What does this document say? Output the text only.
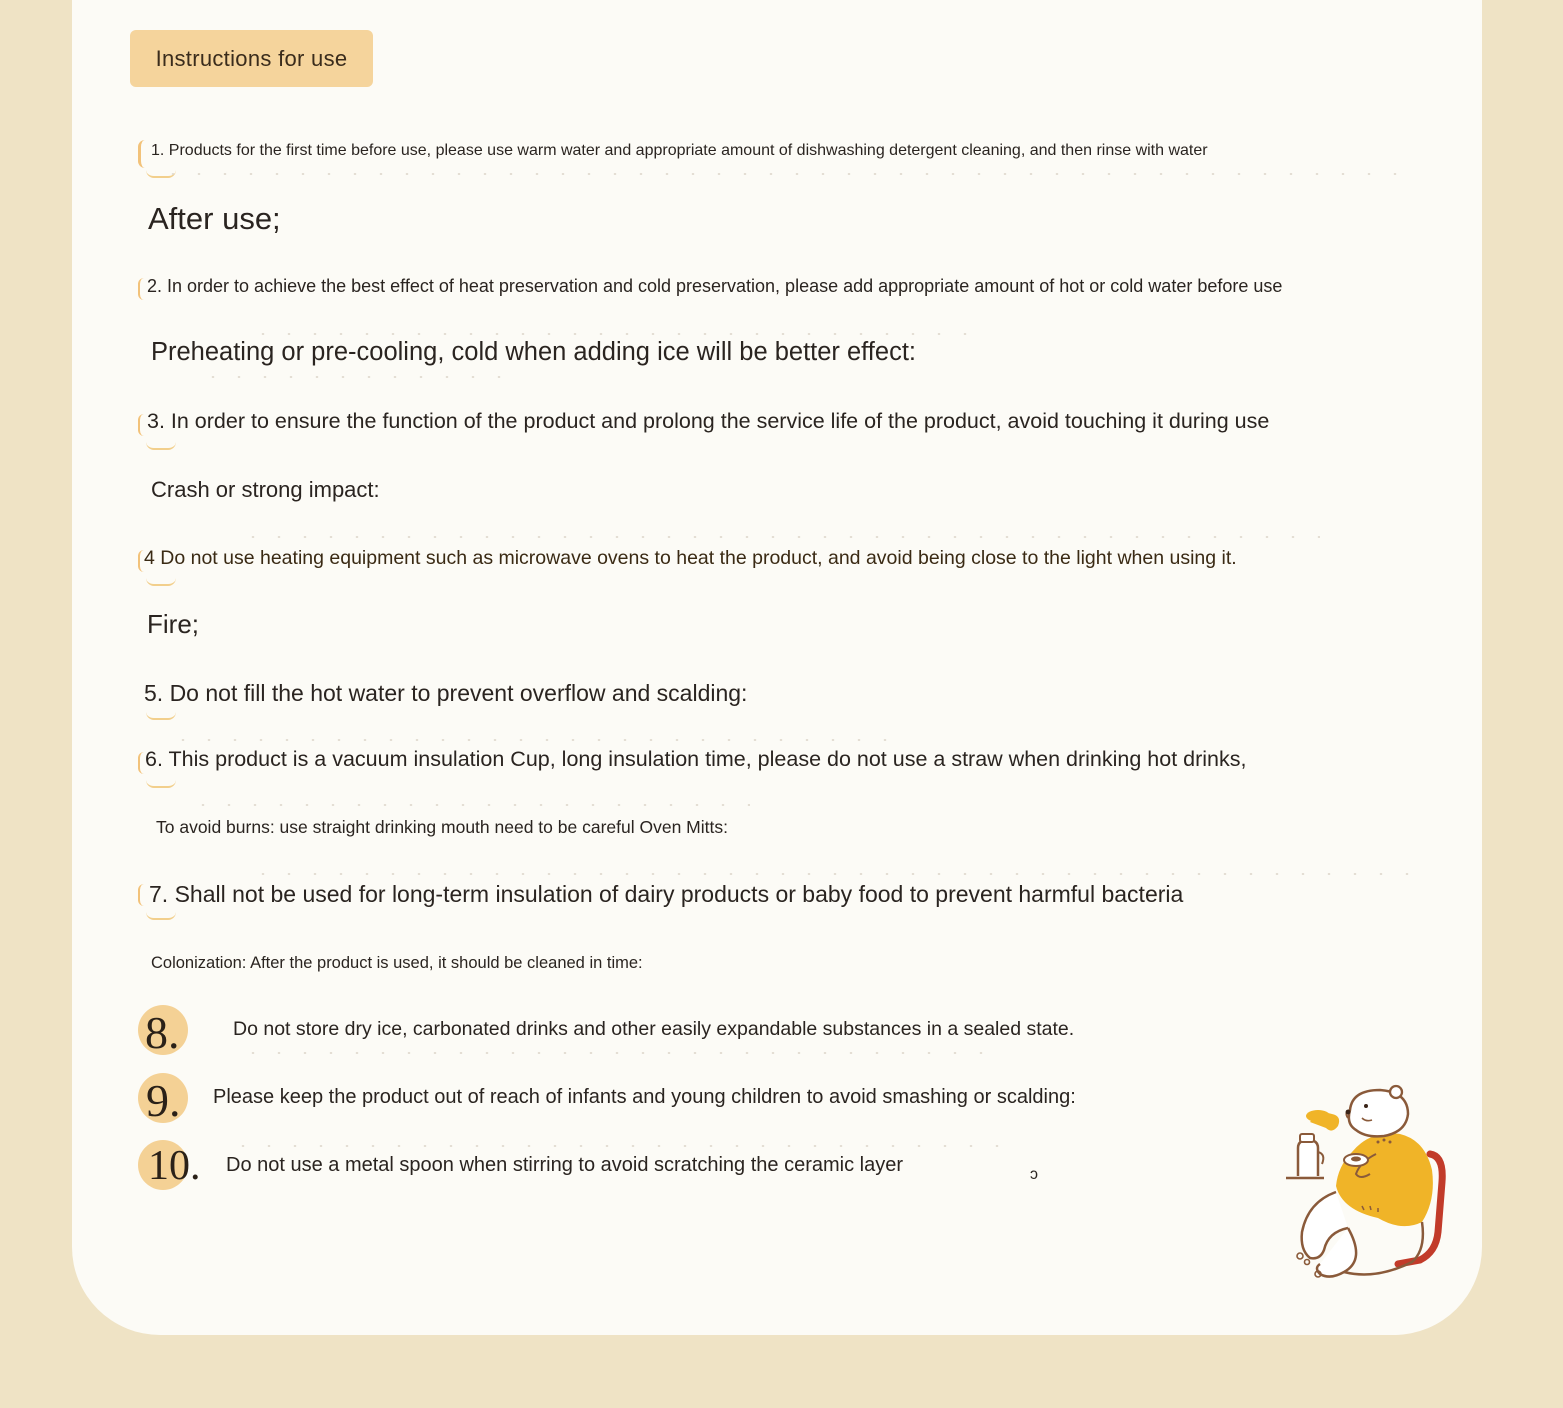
Instructions for use
1. Products for the first time before use, please use warm water and appropriate amount of dishwashing detergent cleaning, and then rinse with water
After use;
2. In order to achieve the best effect of heat preservation and cold preservation, please add appropriate amount of hot or cold water before use
Preheating or pre-cooling, cold when adding ice will be better effect:
3. In order to ensure the function of the product and prolong the service life of the product, avoid touching it during use
Crash or strong impact:
4 Do not use heating equipment such as microwave ovens to heat the product, and avoid being close to the light when using it.
Fire;
5. Do not fill the hot water to prevent overflow and scalding:
6. This product is a vacuum insulation Cup, long insulation time, please do not use a straw when drinking hot drinks,
To avoid burns: use straight drinking mouth need to be careful Oven Mitts:
7. Shall not be used for long-term insulation of dairy products or baby food to prevent harmful bacteria
Colonization: After the product is used, it should be cleaned in time:
8.	Do not store dry ice, carbonated drinks and other easily expandable substances in a sealed state.
9. Please keep the product out of reach of infants and young children to avoid smashing or scalding:
10. Do not use a metal spoon when stirring to avoid scratching the ceramic layer	ↄ
